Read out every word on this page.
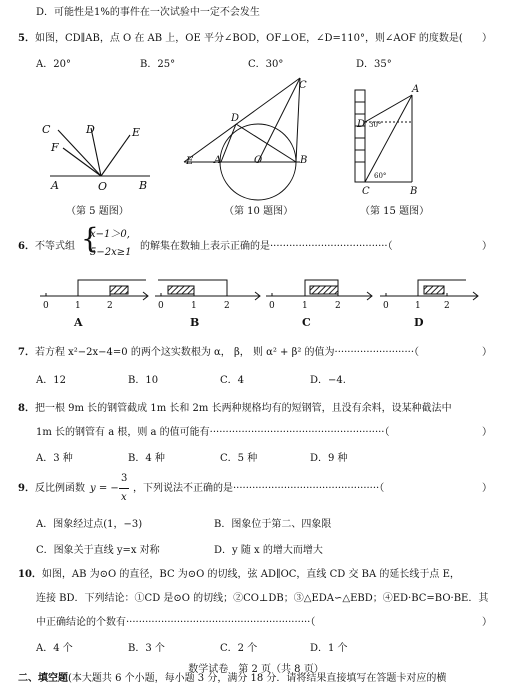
D．可能性是1%的事件在一次试验中一定不会发生
5．如图，CD∥AB，点 O 在 AB 上，OE 平分∠BOD，OF⊥OE，∠D=110°，则∠AOF 的度数是( ）
A．20°	B．25°	C．30°	D．35°
C	D	E
F
A	O	B
C
D
E A	O	B
A
D 30°
C
60°
B
（第 5 题图）	（第 10 题图）	（第 15 题图）
6．不等式组 {
x−1＞0,
5−2x≥1
的解集在数轴上表示正确的是·····································（	）
0	1	2	0	1	2	0	1	2	0	1	2
A	B	C	D
7．若方程 x²−2x−4=0 的两个这实数根为 α， β， 则 α² + β² 的值为·························（	）
A．12	B．10	C．4	D．−4.
8．把一根 9m 长的钢管截成 1m 长和 2m 长两种规格均有的短钢管，且没有余料，设某种截法中
1m 长的钢管有 a 根，则 a 的值可能有·······················································（	）
A．3 种	B．4 种	C．5 种	D．9 种
9．反比例函数 y = −
3
x
，下列说法不正确的是··············································（	）
A．图象经过点(1，−3)	B．图象位于第二、四象限
C．图象关于直线 y=x 对称	D．y 随 x 的增大而增大
10．如图，AB 为⊙O 的直径，BC 为⊙O 的切线，弦 AD∥OC，直线 CD 交 BA 的延长线于点 E，
连接 BD．下列结论：①CD 是⊙O 的切线；②CO⊥DB；③△EDA∽△EBD；④ED·BC=BO·BE．其
中正确结论的个数有··························································（	）
A．4 个	B．3 个	C．2 个	D．1 个
数学试卷　第 2 页（共 8 页）
二、填空题(本大题共 6 个小题，每小题 3 分，满分 18 分．请将结果直接填写在答题卡对应的横
